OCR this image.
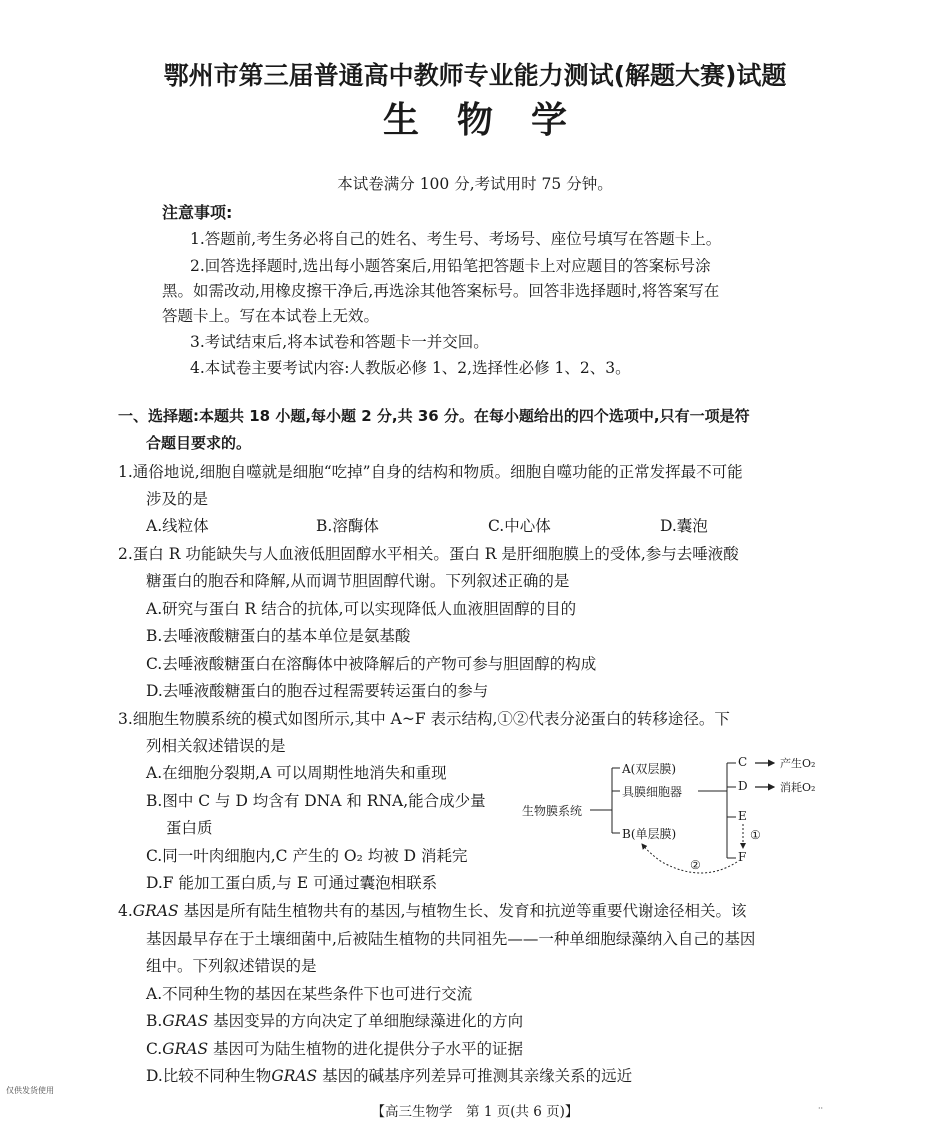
鄂州市第三届普通高中教师专业能力测试(解题大赛)试题
生物学
本试卷满分 100 分,考试用时 75 分钟。
注意事项:
1.答题前,考生务必将自己的姓名、考生号、考场号、座位号填写在答题卡上。
2.回答选择题时,选出每小题答案后,用铅笔把答题卡上对应题目的答案标号涂
黑。如需改动,用橡皮擦干净后,再选涂其他答案标号。回答非选择题时,将答案写在
答题卡上。写在本试卷上无效。
3.考试结束后,将本试卷和答题卡一并交回。
4.本试卷主要考试内容:人教版必修 1、2,选择性必修 1、2、3。
一、选择题:本题共 18 小题,每小题 2 分,共 36 分。在每小题给出的四个选项中,只有一项是符
合题目要求的。
1.通俗地说,细胞自噬就是细胞“吃掉”自身的结构和物质。细胞自噬功能的正常发挥最不可能
涉及的是
A.线粒体	B.溶酶体	C.中心体	D.囊泡
2.蛋白 R 功能缺失与人血液低胆固醇水平相关。蛋白 R 是肝细胞膜上的受体,参与去唾液酸
糖蛋白的胞吞和降解,从而调节胆固醇代谢。下列叙述正确的是
A.研究与蛋白 R 结合的抗体,可以实现降低人血液胆固醇的目的
B.去唾液酸糖蛋白的基本单位是氨基酸
C.去唾液酸糖蛋白在溶酶体中被降解后的产物可参与胆固醇的构成
D.去唾液酸糖蛋白的胞吞过程需要转运蛋白的参与
3.细胞生物膜系统的模式如图所示,其中 A~F 表示结构,①②代表分泌蛋白的转移途径。下
列相关叙述错误的是
A.在细胞分裂期,A 可以周期性地消失和重现
B.图中 C 与 D 均含有 DNA 和 RNA,能合成少量
蛋白质
C.同一叶肉细胞内,C 产生的 O₂ 均被 D 消耗完
D.F 能加工蛋白质,与 E 可通过囊泡相联系
生物膜系统
A(双层膜)
具膜细胞器
B(单层膜)
C
D
E
F
产生O₂
消耗O₂
①
②
4.GRAS 基因是所有陆生植物共有的基因,与植物生长、发育和抗逆等重要代谢途径相关。该
基因最早存在于土壤细菌中,后被陆生植物的共同祖先——一种单细胞绿藻纳入自己的基因
组中。下列叙述错误的是
A.不同种生物的基因在某些条件下也可进行交流
B.GRAS 基因变异的方向决定了单细胞绿藻进化的方向
C.GRAS 基因可为陆生植物的进化提供分子水平的证据
D.比较不同种生物GRAS 基因的碱基序列差异可推测其亲缘关系的远近
仅供发货使用
【高三生物学　第 1 页(共 6 页)】	··
